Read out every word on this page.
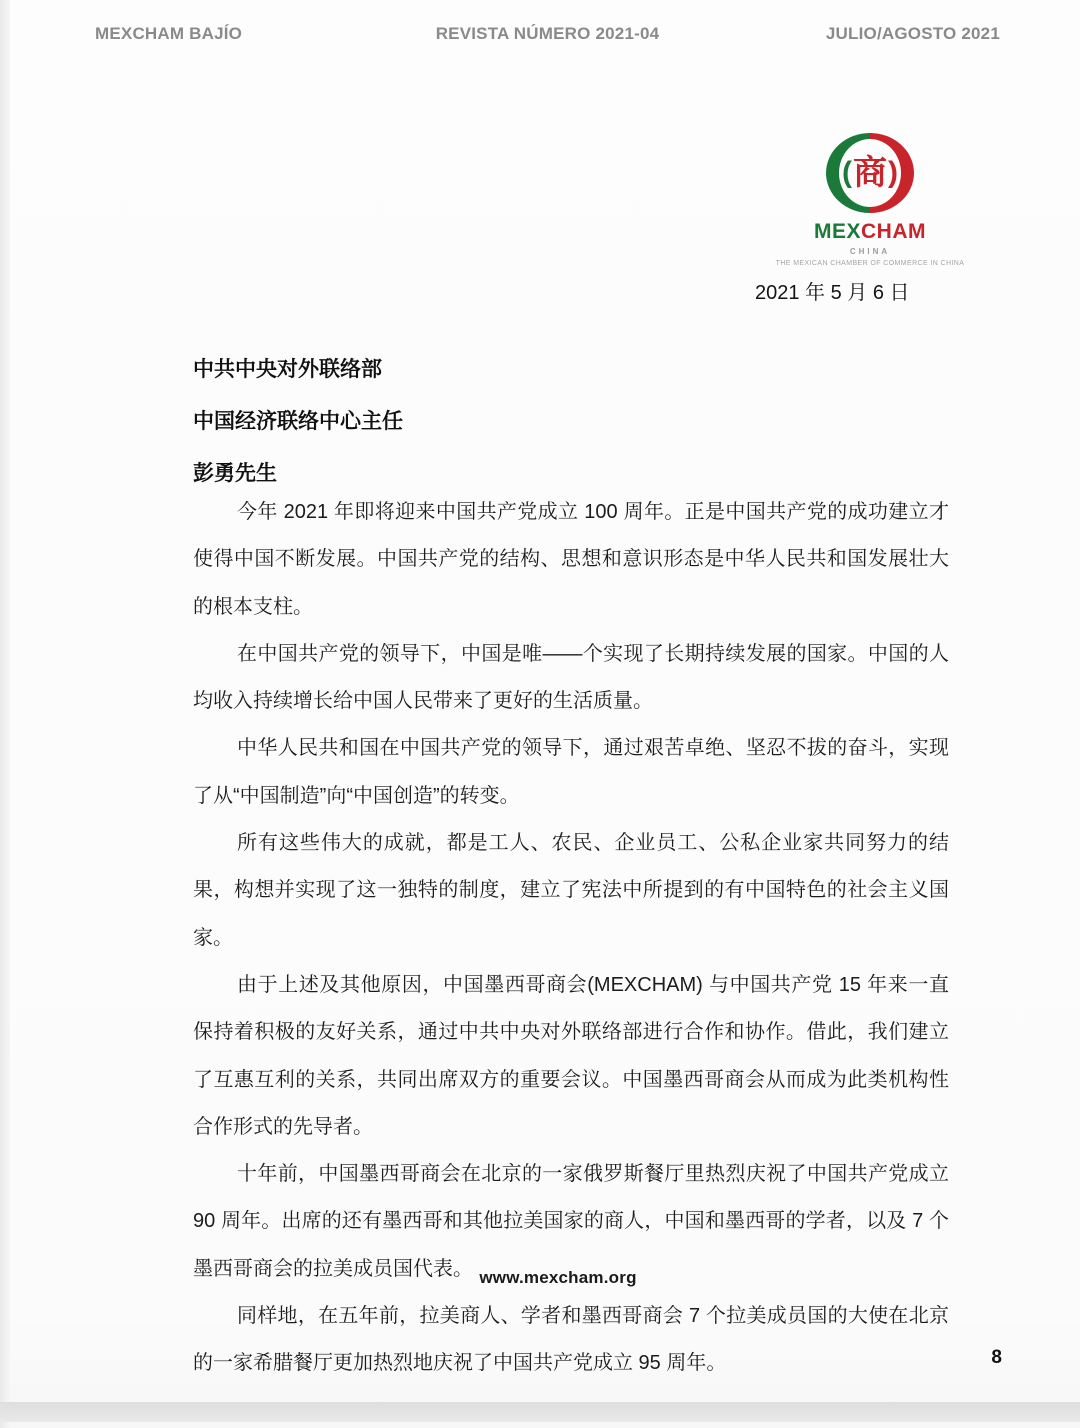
MEXCHAM BAJÍO	REVISTA NÚMERO 2021-04	JULIO/AGOSTO 2021
( 商 )
MEXCHAM
CHINA
THE MEXICAN CHAMBER OF COMMERCE IN CHINA
2021 年 5 月 6 日
中共中央对外联络部
中国经济联络中心主任
彭勇先生

今年 2021 年即将迎来中国共产党成立 100 周年。正是中国共产党的成功建立才使得中国不断发展。中国共产党的结构、思想和意识形态是中华人民共和国发展壮大的根本支柱。

在中国共产党的领导下，中国是唯——个实现了长期持续发展的国家。中国的人均收入持续增长给中国人民带来了更好的生活质量。

中华人民共和国在中国共产党的领导下，通过艰苦卓绝、坚忍不拔的奋斗，实现了从“中国制造”向“中国创造”的转变。

所有这些伟大的成就，都是工人、农民、企业员工、公私企业家共同努力的结果，构想并实现了这一独特的制度，建立了宪法中所提到的有中国特色的社会主义国家。

由于上述及其他原因，中国墨西哥商会(MEXCHAM) 与中国共产党 15 年来一直保持着积极的友好关系，通过中共中央对外联络部进行合作和协作。借此，我们建立了互惠互利的关系，共同出席双方的重要会议。中国墨西哥商会从而成为此类机构性合作形式的先导者。

十年前，中国墨西哥商会在北京的一家俄罗斯餐厅里热烈庆祝了中国共产党成立 90 周年。出席的还有墨西哥和其他拉美国家的商人，中国和墨西哥的学者，以及 7 个墨西哥商会的拉美成员国代表。

同样地，在五年前，拉美商人、学者和墨西哥商会 7 个拉美成员国的大使在北京的一家希腊餐厅更加热烈地庆祝了中国共产党成立 95 周年。

www.mexcham.org
8
